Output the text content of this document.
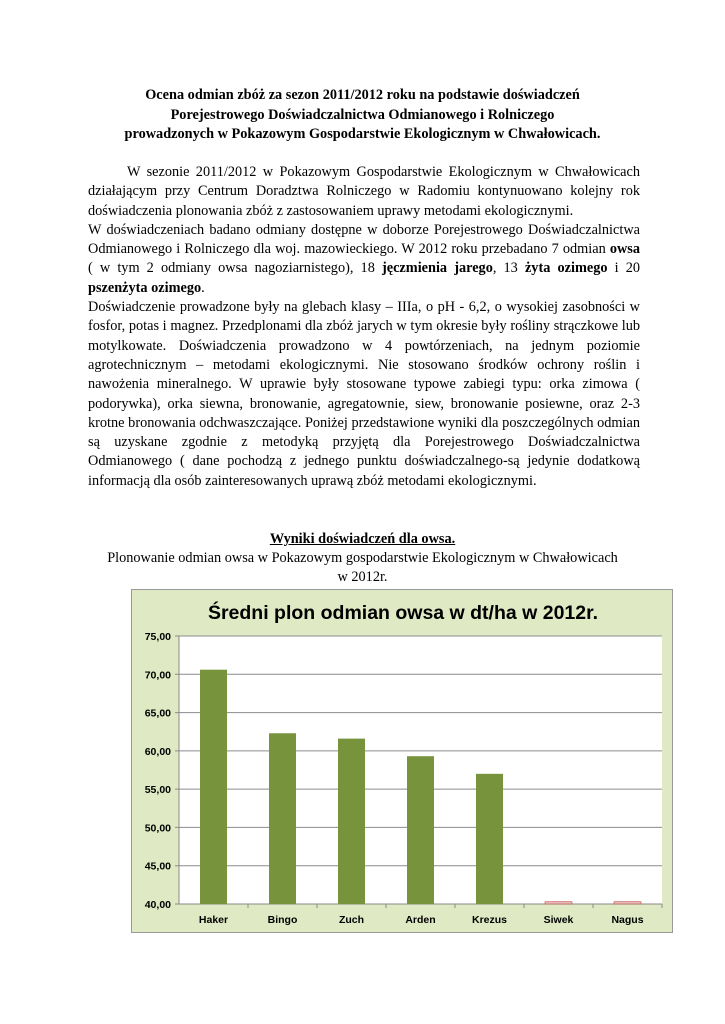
Ocena odmian zbóż za sezon 2011/2012 roku na podstawie doświadczeń
Porejestrowego Doświadczalnictwa Odmianowego i Rolniczego
prowadzonych w Pokazowym Gospodarstwie Ekologicznym w Chwałowicach.

W sezonie 2011/2012 w Pokazowym Gospodarstwie Ekologicznym w Chwałowicach działającym przy Centrum Doradztwa Rolniczego w Radomiu kontynuowano kolejny rok doświadczenia plonowania zbóż z zastosowaniem uprawy metodami ekologicznymi.

W doświadczeniach badano odmiany dostępne w doborze Porejestrowego Doświadczalnictwa Odmianowego i Rolniczego dla woj. mazowieckiego. W 2012 roku przebadano 7 odmian owsa ( w tym 2 odmiany owsa nagoziarnistego), 18 jęczmienia jarego, 13 żyta ozimego i 20 pszenżyta ozimego.

Doświadczenie prowadzone były na glebach klasy – IIIa, o pH - 6,2, o wysokiej zasobności w fosfor, potas i magnez. Przedplonami dla zbóż jarych w tym okresie były rośliny strączkowe lub motylkowate. Doświadczenia prowadzono w 4 powtórzeniach, na jednym poziomie agrotechnicznym – metodami ekologicznymi. Nie stosowano środków ochrony roślin i nawożenia mineralnego. W uprawie były stosowane typowe zabiegi typu: orka zimowa ( podorywka), orka siewna, bronowanie, agregatownie, siew, bronowanie posiewne, oraz 2-3 krotne bronowania odchwaszczające. Poniżej przedstawione wyniki dla poszczególnych odmian są uzyskane zgodnie z metodyką przyjętą dla Porejestrowego Doświadczalnictwa Odmianowego ( dane pochodzą z jednego punktu doświadczalnego-są jedynie dodatkową informacją dla osób zainteresowanych uprawą zbóż metodami ekologicznymi.

Wyniki doświadczeń dla owsa.
Plonowanie odmian owsa w Pokazowym gospodarstwie Ekologicznym w Chwałowicach
w 2012r.
Średni plon odmian owsa w dt/ha w 2012r.
40,00
45,00
50,00
55,00
60,00
65,00
70,00
75,00
Haker	Bingo	Zuch	Arden	Krezus	Siwek	Nagus
